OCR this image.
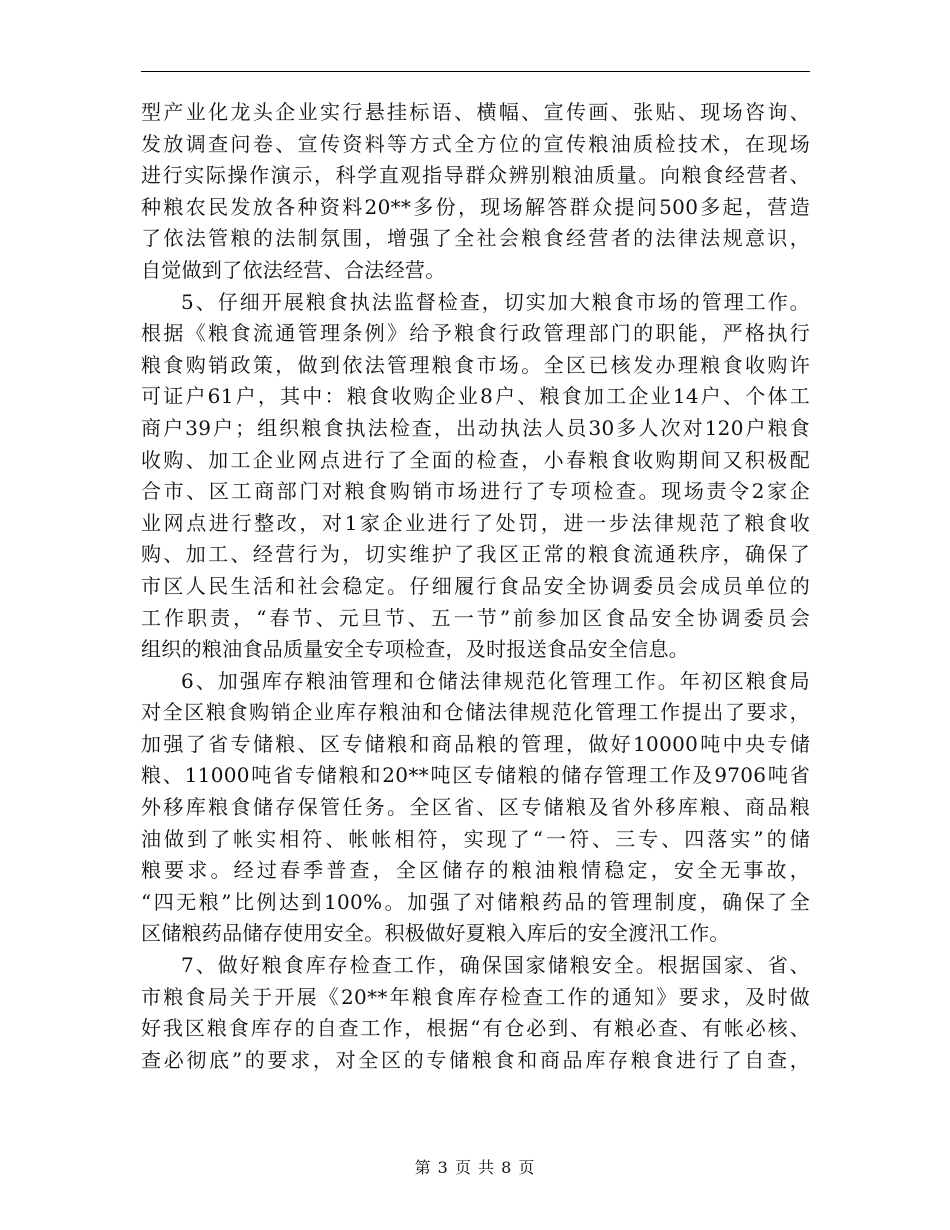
型产业化龙头企业实行悬挂标语、横幅、宣传画、张贴、现场咨询、
发放调查问卷、宣传资料等方式全方位的宣传粮油质检技术，在现场
进行实际操作演示，科学直观指导群众辨别粮油质量。向粮食经营者、
种粮农民发放各种资料20**多份，现场解答群众提问500多起，营造
了依法管粮的法制氛围，增强了全社会粮食经营者的法律法规意识，
自觉做到了依法经营、合法经营。
5、仔细开展粮食执法监督检查，切实加大粮食市场的管理工作。
根据《粮食流通管理条例》给予粮食行政管理部门的职能，严格执行
粮食购销政策，做到依法管理粮食市场。全区已核发办理粮食收购许
可证户61户，其中：粮食收购企业8户、粮食加工企业14户、个体工
商户39户；组织粮食执法检查，出动执法人员30多人次对120户粮食
收购、加工企业网点进行了全面的检查，小春粮食收购期间又积极配
合市、区工商部门对粮食购销市场进行了专项检查。现场责令2家企
业网点进行整改，对1家企业进行了处罚，进一步法律规范了粮食收
购、加工、经营行为，切实维护了我区正常的粮食流通秩序，确保了
市区人民生活和社会稳定。仔细履行食品安全协调委员会成员单位的
工作职责，“春节、元旦节、五一节”前参加区食品安全协调委员会
组织的粮油食品质量安全专项检查，及时报送食品安全信息。
6、加强库存粮油管理和仓储法律规范化管理工作。年初区粮食局
对全区粮食购销企业库存粮油和仓储法律规范化管理工作提出了要求，
加强了省专储粮、区专储粮和商品粮的管理，做好10000吨中央专储
粮、11000吨省专储粮和20**吨区专储粮的储存管理工作及9706吨省
外移库粮食储存保管任务。全区省、区专储粮及省外移库粮、商品粮
油做到了帐实相符、帐帐相符，实现了“一符、三专、四落实”的储
粮要求。经过春季普查，全区储存的粮油粮情稳定，安全无事故，
“四无粮”比例达到100%。加强了对储粮药品的管理制度，确保了全
区储粮药品储存使用安全。积极做好夏粮入库后的安全渡汛工作。
7、做好粮食库存检查工作，确保国家储粮安全。根据国家、省、
市粮食局关于开展《20**年粮食库存检查工作的通知》要求，及时做
好我区粮食库存的自查工作，根据“有仓必到、有粮必查、有帐必核、
查必彻底”的要求，对全区的专储粮食和商品库存粮食进行了自查，
第 3 页 共 8 页
